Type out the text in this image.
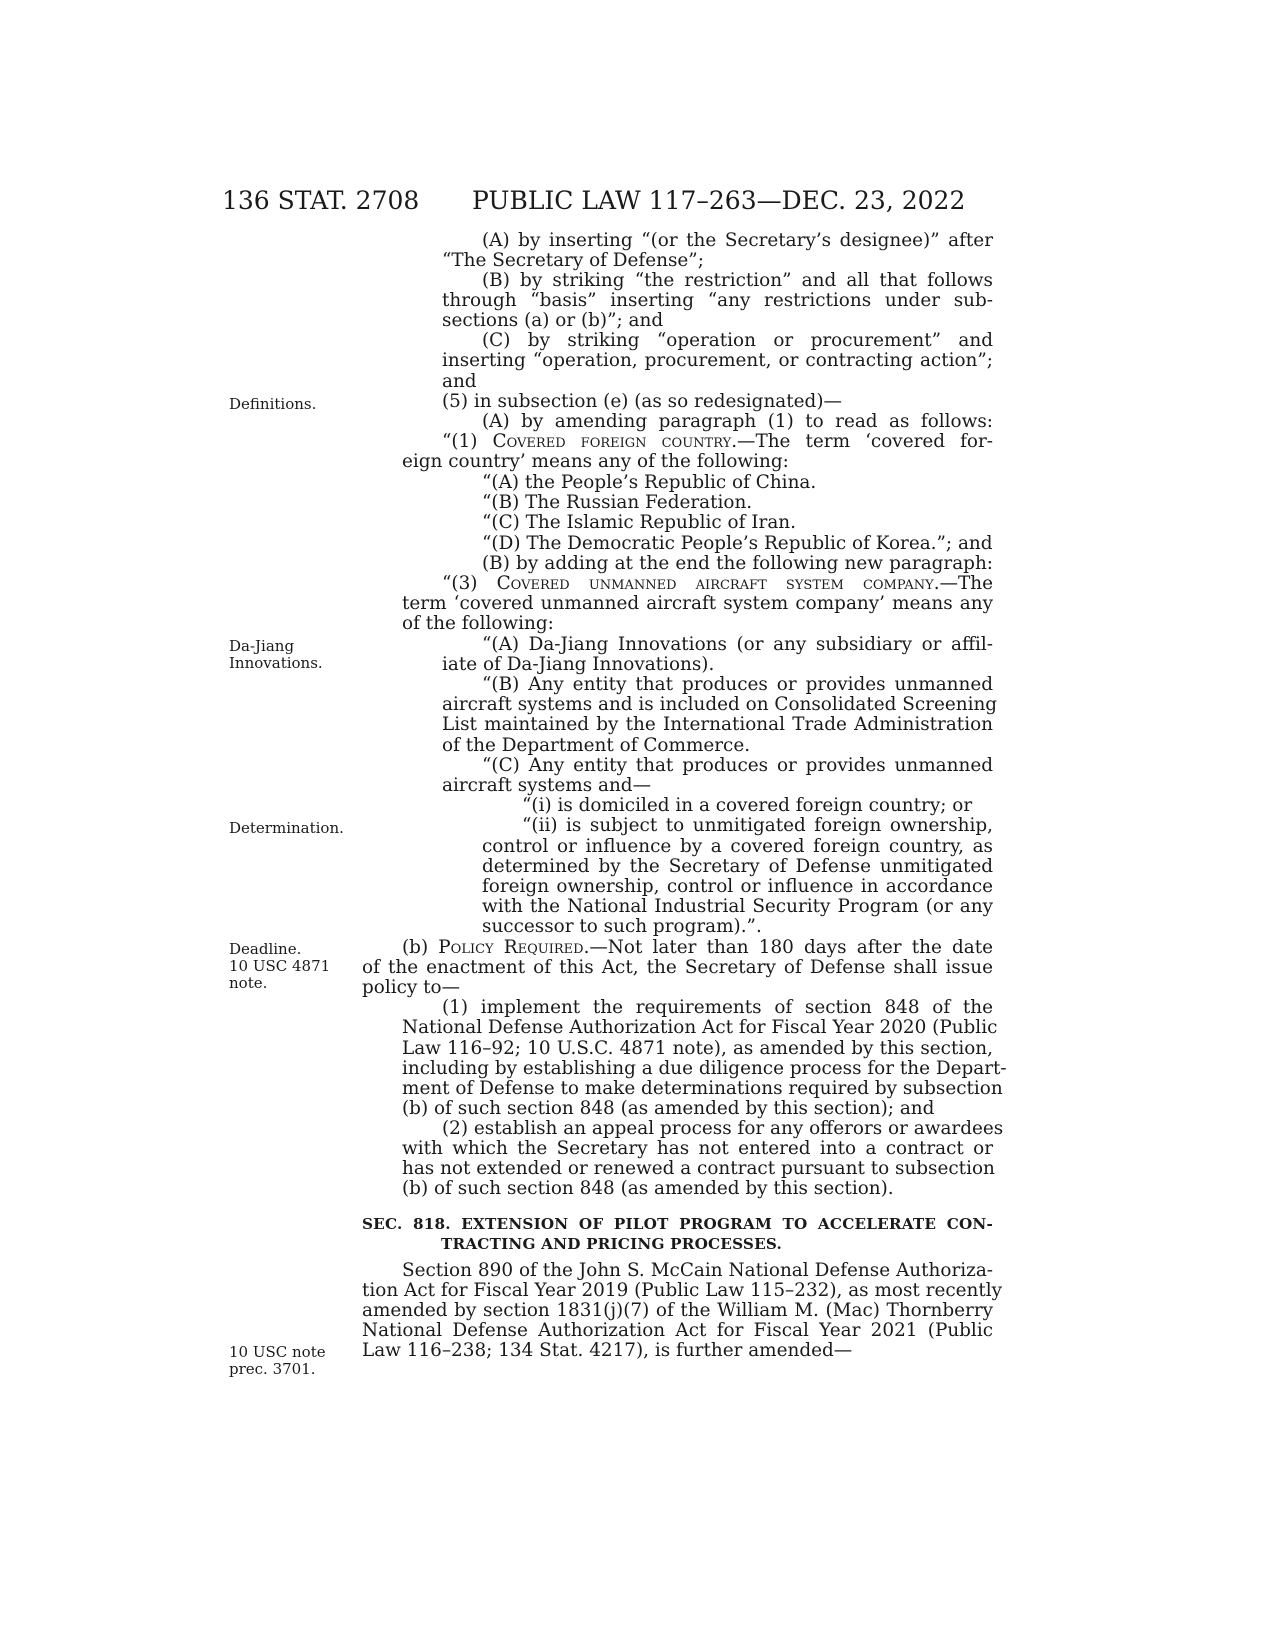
136 STAT. 2708 PUBLIC LAW 117–263—DEC. 23, 2022
Definitions.
Da-Jiang
Innovations.
Determination.
Deadline.
10 USC 4871
note.
10 USC note
prec. 3701.
(A) by inserting “(or the Secretary’s designee)” after
“The Secretary of Defense”;
(B) by striking “the restriction” and all that follows
through “basis” inserting “any restrictions under sub-
sections (a) or (b)”; and
(C) by striking “operation or procurement” and
inserting “operation, procurement, or contracting action”;
and
(5) in subsection (e) (as so redesignated)—
(A) by amending paragraph (1) to read as follows:
“(1) Covered foreign country.—The term ‘covered for-
eign country’ means any of the following:
“(A) the People’s Republic of China.
“(B) The Russian Federation.
“(C) The Islamic Republic of Iran.
“(D) The Democratic People’s Republic of Korea.”; and
(B) by adding at the end the following new paragraph:
“(3) Covered unmanned aircraft system company.—The
term ‘covered unmanned aircraft system company’ means any
of the following:
“(A) Da-Jiang Innovations (or any subsidiary or affil-
iate of Da-Jiang Innovations).
“(B) Any entity that produces or provides unmanned
aircraft systems and is included on Consolidated Screening
List maintained by the International Trade Administration
of the Department of Commerce.
“(C) Any entity that produces or provides unmanned
aircraft systems and—
“(i) is domiciled in a covered foreign country; or
“(ii) is subject to unmitigated foreign ownership,
control or influence by a covered foreign country, as
determined by the Secretary of Defense unmitigated
foreign ownership, control or influence in accordance
with the National Industrial Security Program (or any
successor to such program).”.
(b) Policy Required.—Not later than 180 days after the date
of the enactment of this Act, the Secretary of Defense shall issue
policy to—
(1) implement the requirements of section 848 of the
National Defense Authorization Act for Fiscal Year 2020 (Public
Law 116–92; 10 U.S.C. 4871 note), as amended by this section,
including by establishing a due diligence process for the Depart-
ment of Defense to make determinations required by subsection
(b) of such section 848 (as amended by this section); and
(2) establish an appeal process for any offerors or awardees
with which the Secretary has not entered into a contract or
has not extended or renewed a contract pursuant to subsection
(b) of such section 848 (as amended by this section).
SEC. 818. EXTENSION OF PILOT PROGRAM TO ACCELERATE CON-
TRACTING AND PRICING PROCESSES.
Section 890 of the John S. McCain National Defense Authoriza-
tion Act for Fiscal Year 2019 (Public Law 115–232), as most recently
amended by section 1831(j)(7) of the William M. (Mac) Thornberry
National Defense Authorization Act for Fiscal Year 2021 (Public
Law 116–238; 134 Stat. 4217), is further amended—
